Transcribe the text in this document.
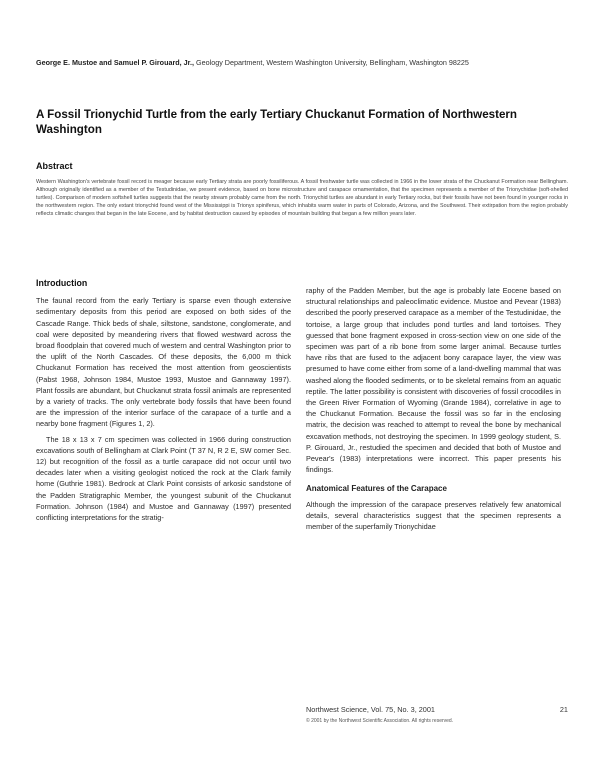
George E. Mustoe and Samuel P. Girouard, Jr., Geology Department, Western Washington University, Bellingham, Washington 98225
A Fossil Trionychid Turtle from the early Tertiary Chuckanut Formation of Northwestern Washington
Abstract
Western Washington's vertebrate fossil record is meager because early Tertiary strata are poorly fossiliferous. A fossil freshwater turtle was collected in 1966 in the lower strata of the Chuckanut Formation near Bellingham. Although originally identified as a member of the Testudinidae, we present evidence, based on bone microstructure and carapace ornamentation, that the specimen represents a member of the Trionychidae (soft-shelled turtles). Comparison of modern softshell turtles suggests that the nearby stream probably came from the north. Trionychid turtles are abundant in early Tertiary rocks, but their fossils have not been found in younger rocks in the northwestern region. The only extant trionychid found west of the Mississippi is Trionyx spiniferus, which inhabits warm water in parts of Colorado, Arizona, and the Southwest. Their extirpation from the region probably reflects climatic changes that began in the late Eocene, and by habitat destruction caused by episodes of mountain building that began a few million years later.
Introduction

The faunal record from the early Tertiary is sparse even though extensive sedimentary deposits from this period are exposed on both sides of the Cascade Range. Thick beds of shale, siltstone, sandstone, conglomerate, and coal were deposited by meandering rivers that flowed westward across the broad floodplain that covered much of western and central Washington prior to the uplift of the North Cascades. Of these deposits, the 6,000 m thick Chuckanut Formation has received the most attention from geoscientists (Pabst 1968, Johnson 1984, Mustoe 1993, Mustoe and Gannaway 1997). Plant fossils are abundant, but Chuckanut strata fossil animals are represented by a variety of tracks. The only vertebrate body fossils that have been found are the impression of the interior surface of the carapace of a turtle and a nearby bone fragment (Figures 1, 2).

The 18 x 13 x 7 cm specimen was collected in 1966 during construction excavations south of Bellingham at Clark Point (T 37 N, R 2 E, SW corner Sec. 12) but recognition of the fossil as a turtle carapace did not occur until two decades later when a visiting geologist noticed the rock at the Clark family home (Guthrie 1981). Bedrock at Clark Point consists of arkosic sandstone of the Padden Stratigraphic Member, the youngest subunit of the Chuckanut Formation. Johnson (1984) and Mustoe and Gannaway (1997) presented conflicting interpretations for the stratig-

raphy of the Padden Member, but the age is probably late Eocene based on structural relationships and paleoclimatic evidence. Mustoe and Pevear (1983) described the poorly preserved carapace as a member of the Testudinidae, the tortoise, a large group that includes pond turtles and land tortoises. They guessed that bone fragment exposed in cross-section view on one side of the specimen was part of a rib bone from some larger animal. Because turtles have ribs that are fused to the adjacent bony carapace layer, the view was presumed to have come either from some of a land-dwelling mammal that was washed along the flooded sediments, or to be skeletal remains from an aquatic reptile. The latter possibility is consistent with discoveries of fossil crocodiles in the Green River Formation of Wyoming (Grande 1984), correlative in age to the Chuckanut Formation. Because the fossil was so far in the enclosing matrix, the decision was reached to attempt to reveal the bone by mechanical excavation methods, not destroying the specimen. In 1999 geology student, S. P. Girouard, Jr., restudied the specimen and decided that both of Mustoe and Pevear's (1983) interpretations were incorrect. This paper presents his findings.

Anatomical Features of the Carapace

Although the impression of the carapace preserves relatively few anatomical details, several characteristics suggest that the specimen represents a member of the superfamily Trionychidae

Northwest Science, Vol. 75, No. 3, 2001	21
© 2001 by the Northwest Scientific Association. All rights reserved.
